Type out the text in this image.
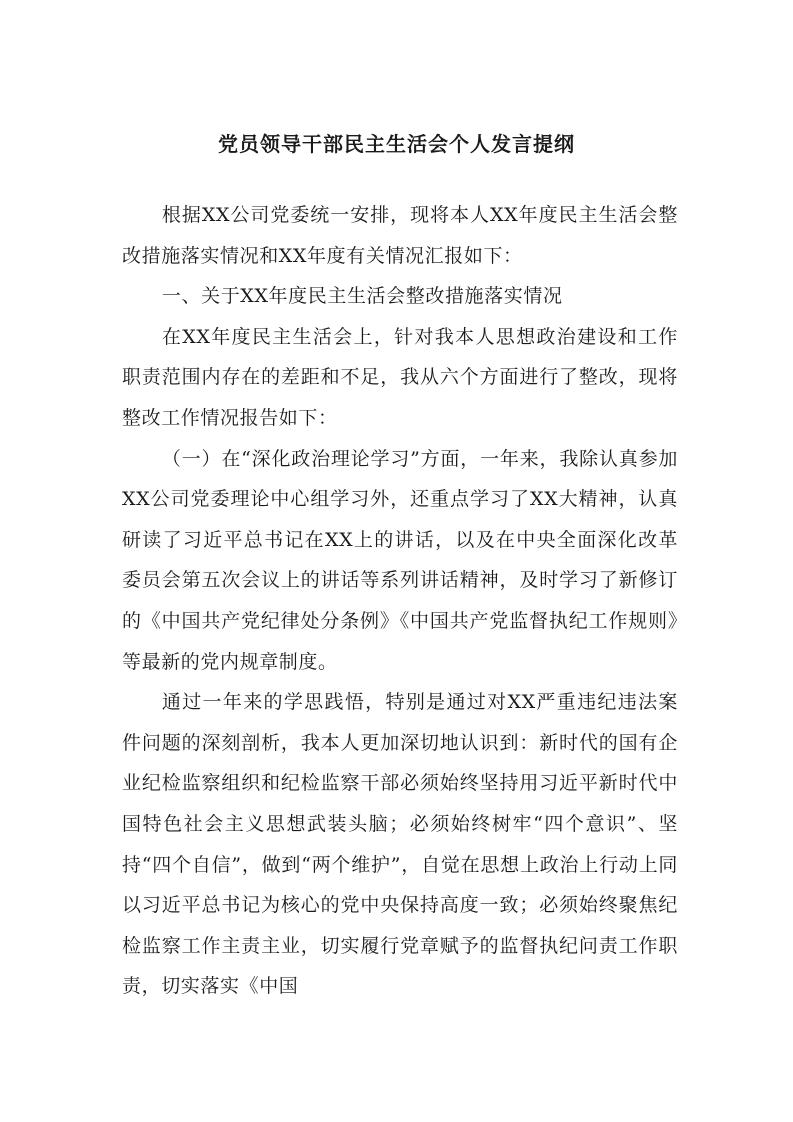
党员领导干部民主生活会个人发言提纲

根据XX公司党委统一安排，现将本人XX年度民主生活会整改措施落实情况和XX年度有关情况汇报如下：

一、关于XX年度民主生活会整改措施落实情况

在XX年度民主生活会上，针对我本人思想政治建设和工作职责范围内存在的差距和不足，我从六个方面进行了整改，现将整改工作情况报告如下：

（一）在“深化政治理论学习”方面，一年来，我除认真参加XX公司党委理论中心组学习外，还重点学习了XX大精神，认真研读了习近平总书记在XX上的讲话，以及在中央全面深化改革委员会第五次会议上的讲话等系列讲话精神，及时学习了新修订的《中国共产党纪律处分条例》《中国共产党监督执纪工作规则》等最新的党内规章制度。

通过一年来的学思践悟，特别是通过对XX严重违纪违法案件问题的深刻剖析，我本人更加深切地认识到：新时代的国有企业纪检监察组织和纪检监察干部必须始终坚持用习近平新时代中国特色社会主义思想武装头脑；必须始终树牢“四个意识”、坚持“四个自信”，做到“两个维护”，自觉在思想上政治上行动上同以习近平总书记为核心的党中央保持高度一致；必须始终聚焦纪检监察工作主责主业，切实履行党章赋予的监督执纪问责工作职责，切实落实《中国
